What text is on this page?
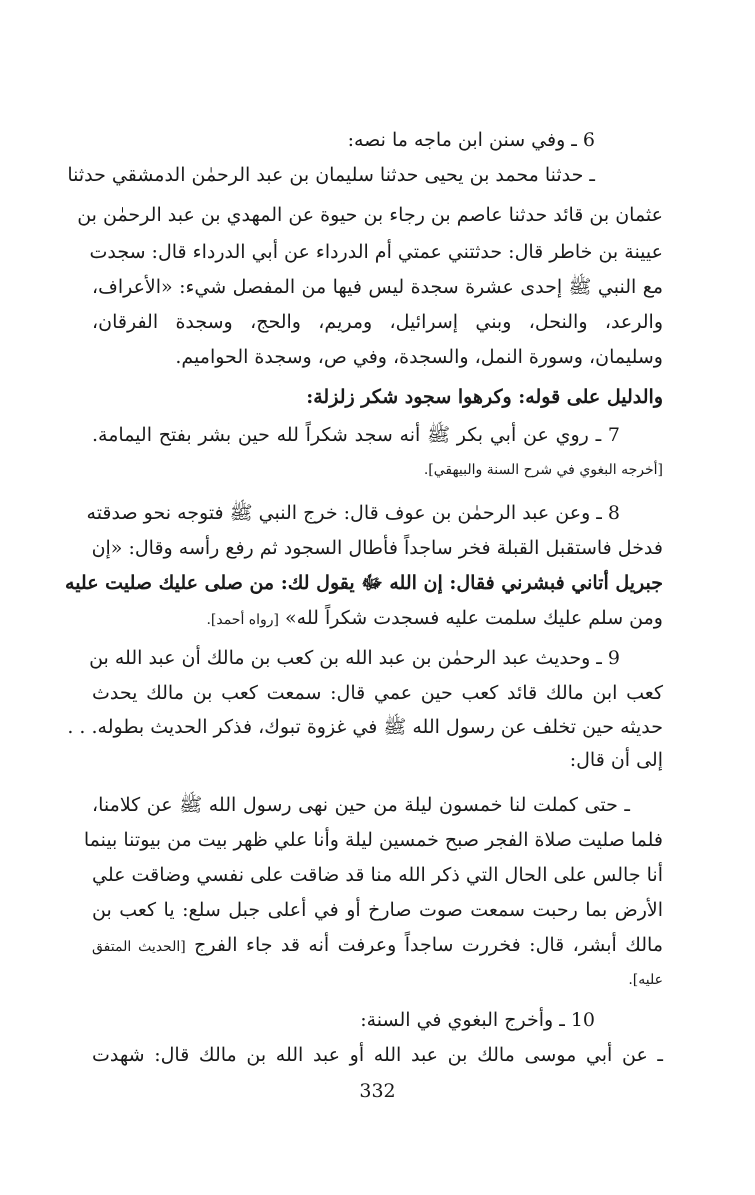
6 ـ وفي سنن ابن ماجه ما نصه:
ـ حدثنا محمد بن يحيى حدثنا سليمان بن عبد الرحمٰن الدمشقي حدثنا
عثمان بن قائد حدثنا عاصم بن رجاء بن حيوة عن المهدي بن عبد الرحمٰن بن
عيينة بن خاطر قال: حدثتني عمتي أم الدرداء عن أبي الدرداء قال: سجدت
مع النبي ﷺ إحدى عشرة سجدة ليس فيها من المفصل شيء: «الأعراف،
والرعد، والنحل، وبني إسرائيل، ومريم، والحج، وسجدة الفرقان،
وسليمان، وسورة النمل، والسجدة، وفي ص، وسجدة الحواميم.
والدليل على قوله: وكرهوا سجود شكر زلزلة:
7 ـ روي عن أبي بكر ﷺ أنه سجد شكراً لله حين بشر بفتح اليمامة.
[أخرجه البغوي في شرح السنة والبيهقي].
8 ـ وعن عبد الرحمٰن بن عوف قال: خرج النبي ﷺ فتوجه نحو صدقته
فدخل فاستقبل القبلة فخر ساجداً فأطال السجود ثم رفع رأسه وقال: «إن
جبريل أتاني فبشرني فقال: إن الله ﷻ يقول لك: من صلى عليك صليت عليه
ومن سلم عليك سلمت عليه فسجدت شكراً لله» [رواه أحمد].
9 ـ وحديث عبد الرحمٰن بن عبد الله بن كعب بن مالك أن عبد الله بن
كعب ابن مالك قائد كعب حين عمي قال: سمعت كعب بن مالك يحدث
حديثه حين تخلف عن رسول الله ﷺ في غزوة تبوك، فذكر الحديث بطوله. . .
إلى أن قال:
ـ حتى كملت لنا خمسون ليلة من حين نهى رسول الله ﷺ عن كلامنا،
فلما صليت صلاة الفجر صبح خمسين ليلة وأنا علي ظهر بيت من بيوتنا بينما
أنا جالس على الحال التي ذكر الله منا قد ضاقت على نفسي وضاقت علي
الأرض بما رحبت سمعت صوت صارخ أو في أعلى جبل سلع: يا كعب بن
مالك أبشر، قال: فخررت ساجداً وعرفت أنه قد جاء الفرج [الحديث المتفق
عليه].
10 ـ وأخرج البغوي في السنة:
ـ عن أبي موسى مالك بن عبد الله أو عبد الله بن مالك قال: شهدت
332
